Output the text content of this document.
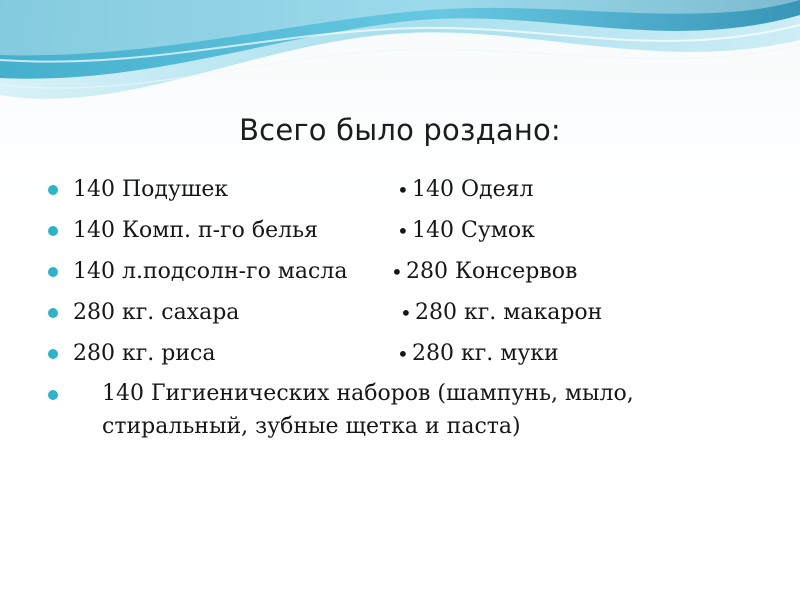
Всего было роздано:
140 Подушек	• 140 Одеял
140 Комп. п-го белья	• 140 Сумок
140 л.подсолн-го масла • 280 Консервов
280 кг. сахара	• 280 кг. макарон
280 кг. риса	• 280 кг. муки
140 Гигиенических наборов (шампунь, мыло, стиральный, зубные щетка и паста)
